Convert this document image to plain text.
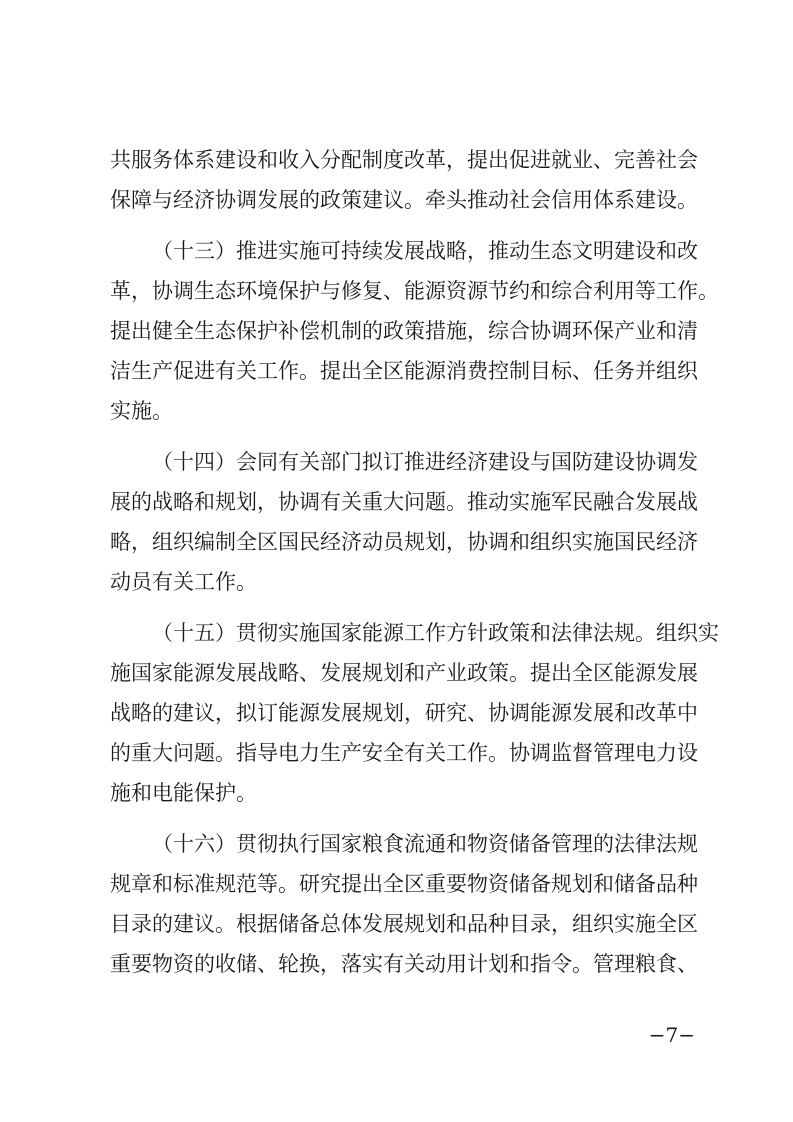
共服务体系建设和收入分配制度改革，提出促进就业、完善社会
保障与经济协调发展的政策建议。牵头推动社会信用体系建设。
（十三）推进实施可持续发展战略，推动生态文明建设和改
革，协调生态环境保护与修复、能源资源节约和综合利用等工作。
提出健全生态保护补偿机制的政策措施，综合协调环保产业和清
洁生产促进有关工作。提出全区能源消费控制目标、任务并组织
实施。
（十四）会同有关部门拟订推进经济建设与国防建设协调发
展的战略和规划，协调有关重大问题。推动实施军民融合发展战
略，组织编制全区国民经济动员规划，协调和组织实施国民经济
动员有关工作。
（十五）贯彻实施国家能源工作方针政策和法律法规。组织实
施国家能源发展战略、发展规划和产业政策。提出全区能源发展
战略的建议，拟订能源发展规划，研究、协调能源发展和改革中
的重大问题。指导电力生产安全有关工作。协调监督管理电力设
施和电能保护。
（十六）贯彻执行国家粮食流通和物资储备管理的法律法规
规章和标准规范等。研究提出全区重要物资储备规划和储备品种
目录的建议。根据储备总体发展规划和品种目录，组织实施全区
重要物资的收储、轮换，落实有关动用计划和指令。管理粮食、
−7−
